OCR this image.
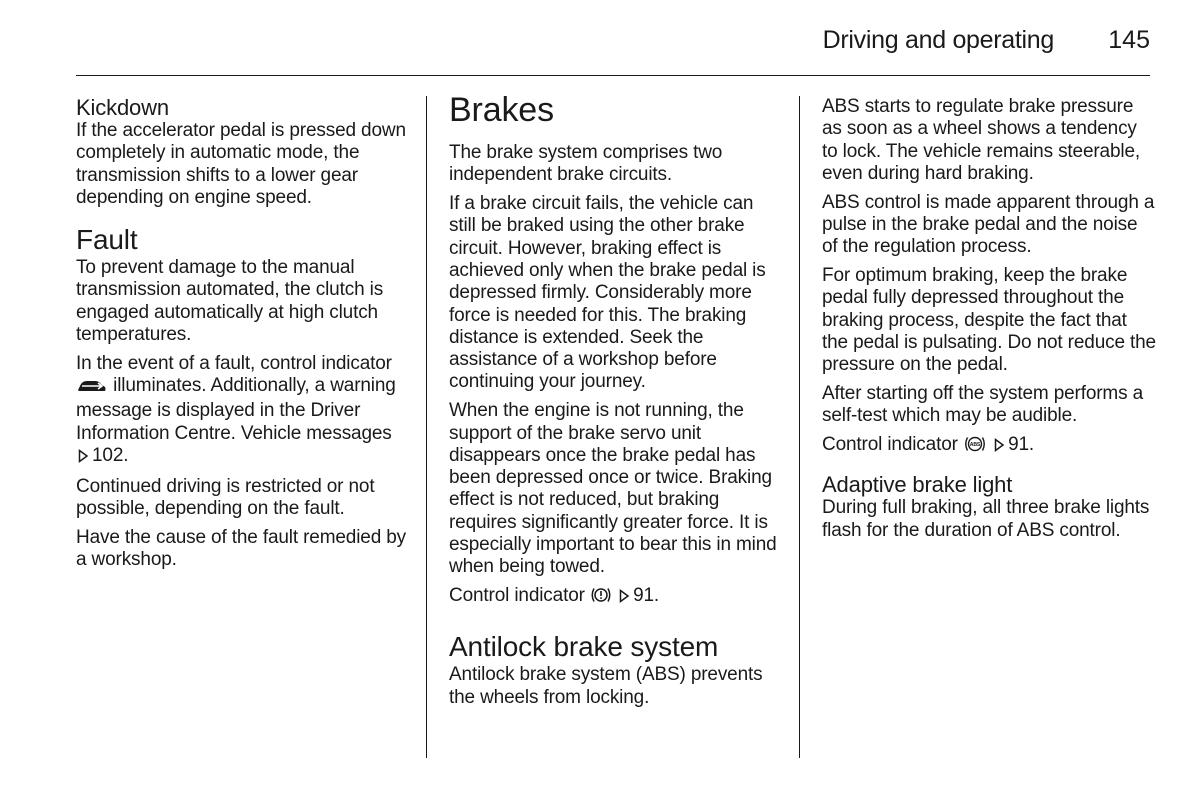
Driving and operating 145
Kickdown

If the accelerator pedal is pressed down completely in automatic mode, the transmission shifts to a lower gear depending on engine speed.

Fault

To prevent damage to the manual transmission automated, the clutch is engaged automatically at high clutch temperatures.

In the event of a fault, control indicator
illuminates. Additionally, a warning message is displayed in the Driver Information Centre. Vehicle messages 102.

Continued driving is restricted or not possible, depending on the fault.

Have the cause of the fault remedied by a workshop.

Brakes

The brake system comprises two independent brake circuits.

If a brake circuit fails, the vehicle can still be braked using the other brake circuit. However, braking effect is achieved only when the brake pedal is depressed firmly. Considerably more force is needed for this. The braking distance is extended. Seek the assistance of a workshop before continuing your journey.

When the engine is not running, the support of the brake servo unit disappears once the brake pedal has been depressed once or twice. Braking effect is not reduced, but braking requires significantly greater force. It is especially important to bear this in mind when being towed.

Control indicator	91.

Antilock brake system

Antilock brake system (ABS) prevents the wheels from locking.

ABS starts to regulate brake pressure as soon as a wheel shows a tendency to lock. The vehicle remains steerable, even during hard braking.

ABS control is made apparent through a pulse in the brake pedal and the noise of the regulation process.

For optimum braking, keep the brake pedal fully depressed throughout the braking process, despite the fact that the pedal is pulsating. Do not reduce the pressure on the pedal.

After starting off the system performs a self-test which may be audible.

Control indicator ABS 91.

Adaptive brake light

During full braking, all three brake lights flash for the duration of ABS control.
